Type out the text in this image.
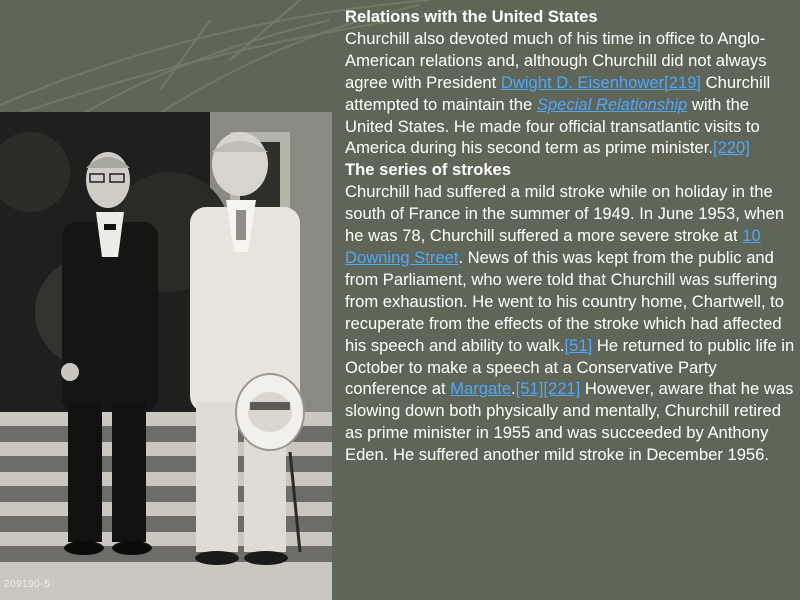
209190-5
Relations with the United States

Churchill also devoted much of his time in office to Anglo-American relations and, although Churchill did not always agree with President Dwight D. Eisenhower[219] Churchill attempted to maintain the Special Relationship with the United States. He made four official transatlantic visits to America during his second term as prime minister.[220]

The series of strokes

Churchill had suffered a mild stroke while on holiday in the south of France in the summer of 1949. In June 1953, when he was 78, Churchill suffered a more severe stroke at 10 Downing Street. News of this was kept from the public and from Parliament, who were told that Churchill was suffering from exhaustion. He went to his country home, Chartwell, to recuperate from the effects of the stroke which had affected his speech and ability to walk.[51] He returned to public life in October to make a speech at a Conservative Party conference at Margate.[51][221] However, aware that he was slowing down both physically and mentally, Churchill retired as prime minister in 1955 and was succeeded by Anthony Eden. He suffered another mild stroke in December 1956.
